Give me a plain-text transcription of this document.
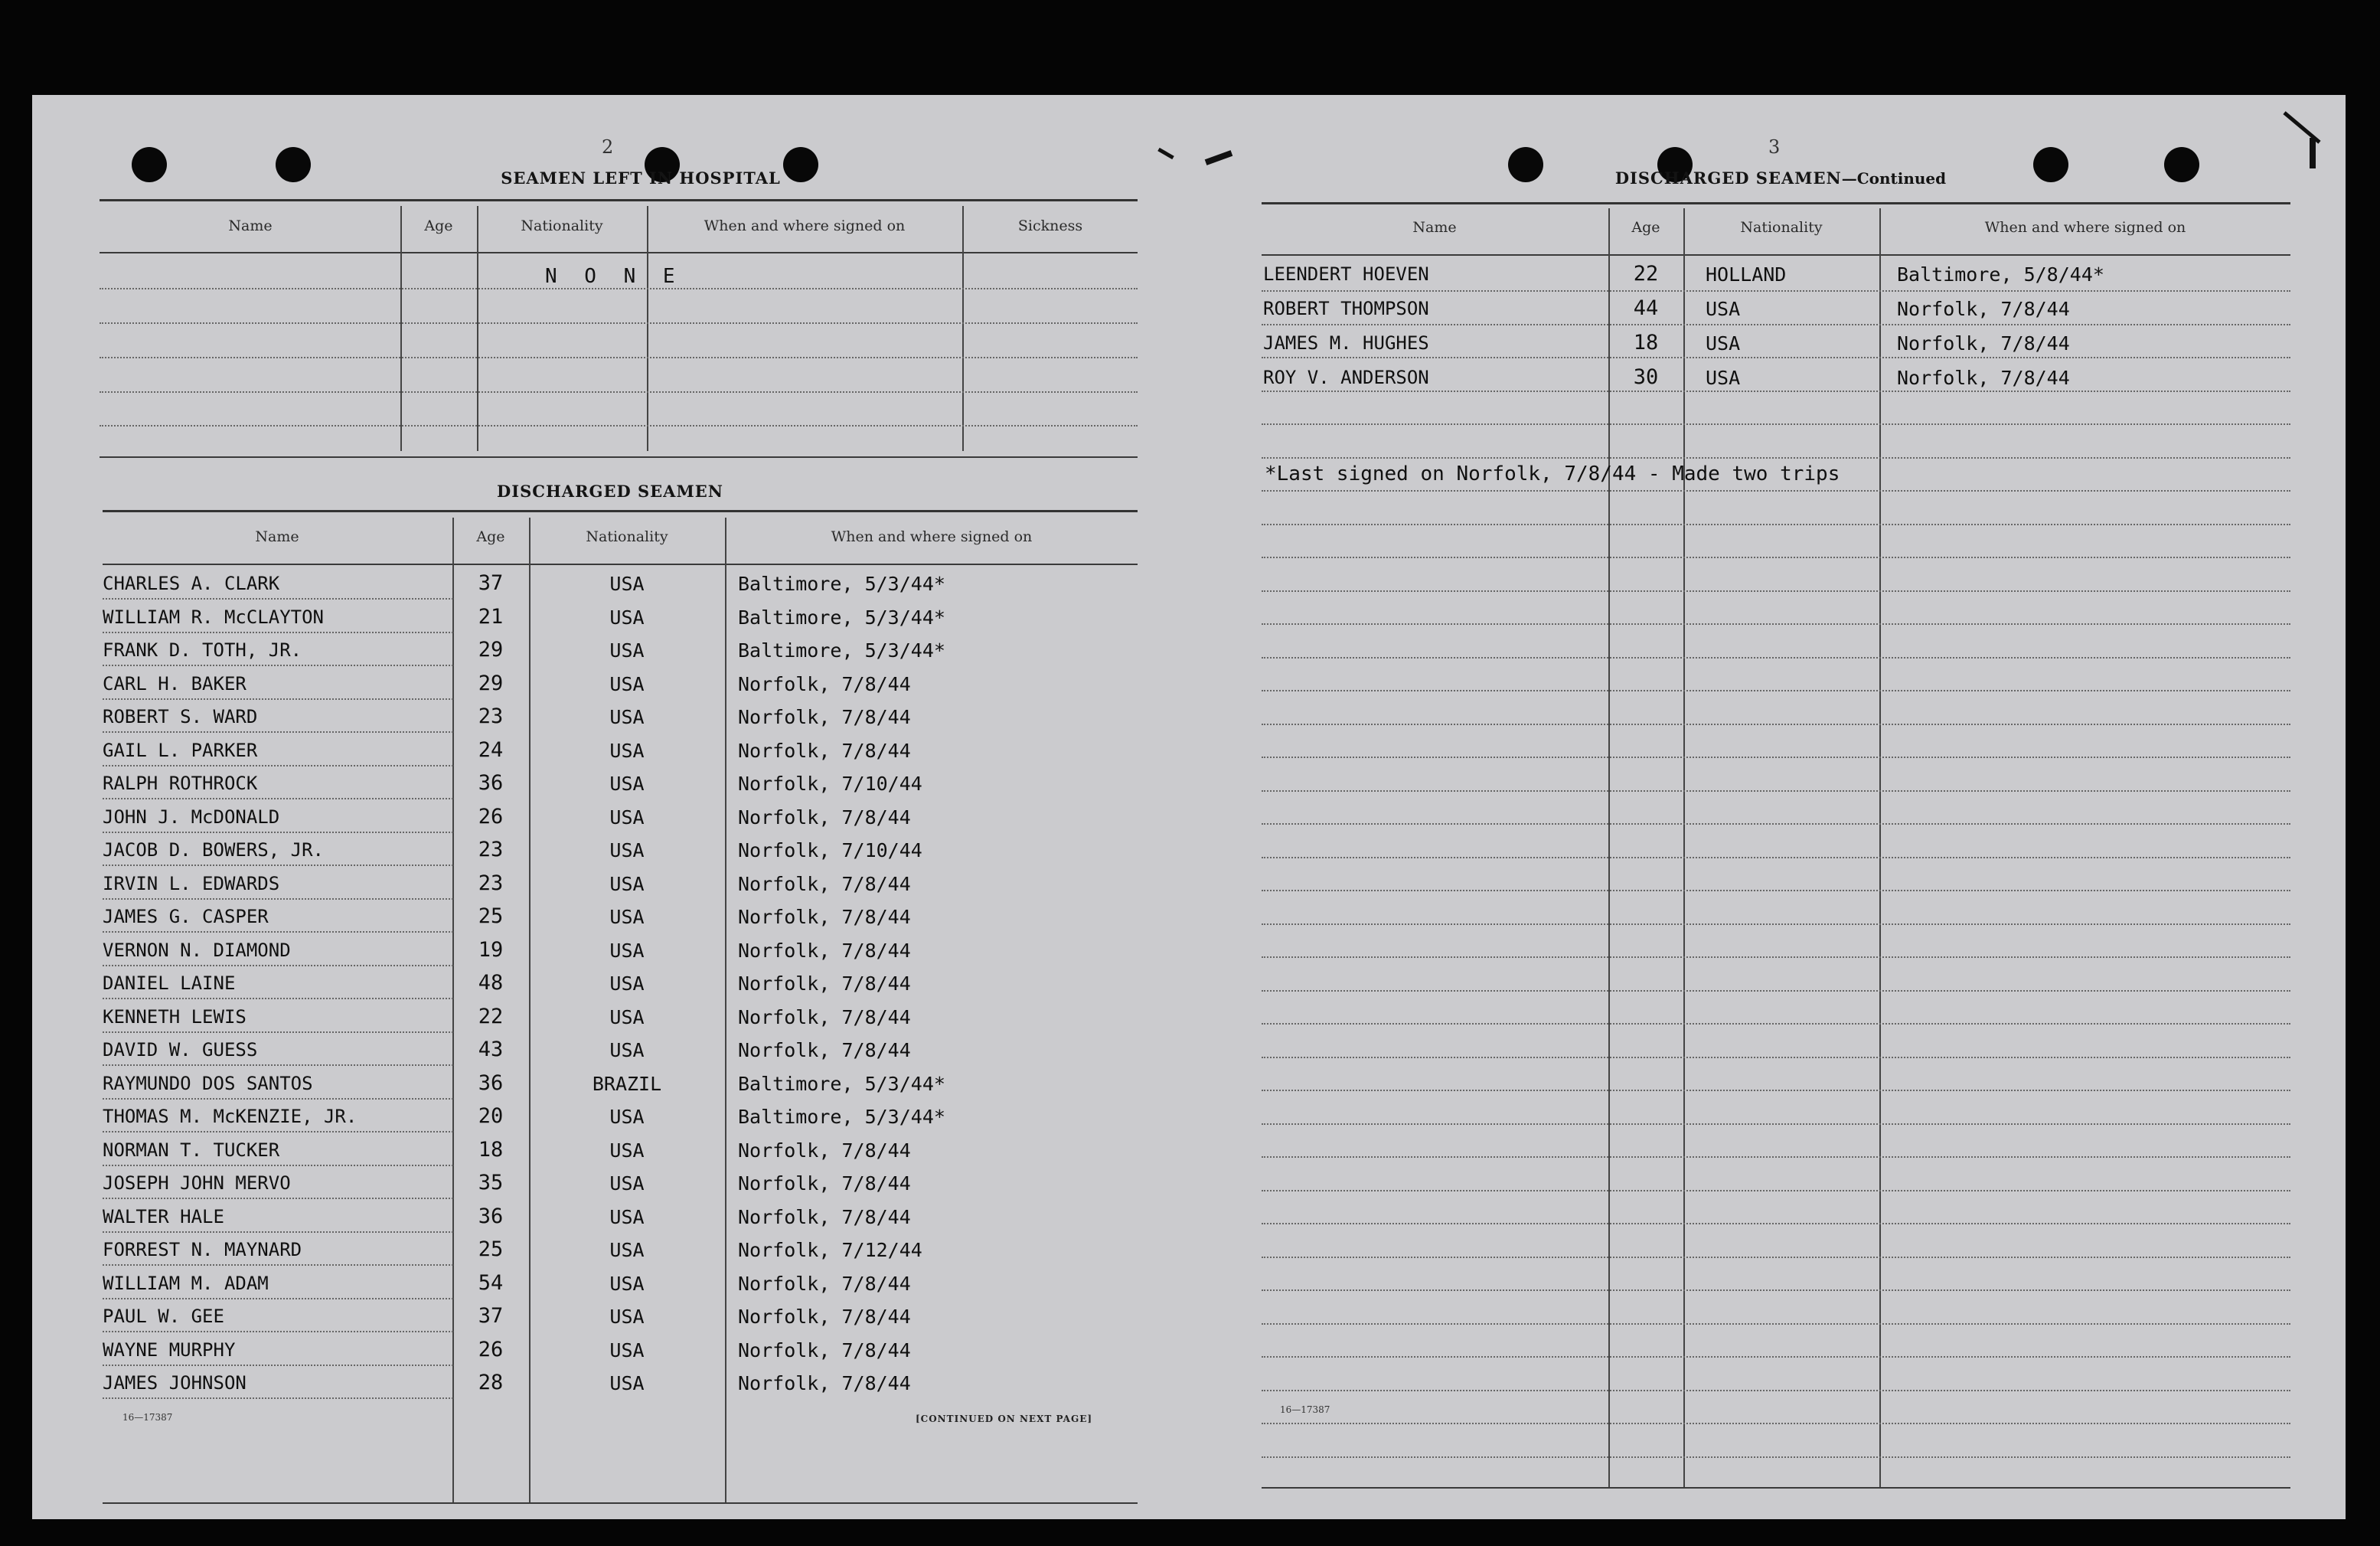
2
SEAMEN LEFT IN HOSPITAL
Name	Age	Nationality	When and where signed on	Sickness
N O N E
DISCHARGED SEAMEN
Name	Age	Nationality	When and where signed on
CHARLES A. CLARK	37	USA	Baltimore, 5/3/44*
WILLIAM R. McCLAYTON	21	USA	Baltimore, 5/3/44*
FRANK D. TOTH, JR.	29	USA	Baltimore, 5/3/44*
CARL H. BAKER	29	USA	Norfolk, 7/8/44
ROBERT S. WARD	23	USA	Norfolk, 7/8/44
GAIL L. PARKER	24	USA	Norfolk, 7/8/44
RALPH ROTHROCK	36	USA	Norfolk, 7/10/44
JOHN J. McDONALD	26	USA	Norfolk, 7/8/44
JACOB D. BOWERS, JR.	23	USA	Norfolk, 7/10/44
IRVIN L. EDWARDS	23	USA	Norfolk, 7/8/44
JAMES G. CASPER	25	USA	Norfolk, 7/8/44
VERNON N. DIAMOND	19	USA	Norfolk, 7/8/44
DANIEL LAINE	48	USA	Norfolk, 7/8/44
KENNETH LEWIS	22	USA	Norfolk, 7/8/44
DAVID W. GUESS	43	USA	Norfolk, 7/8/44
RAYMUNDO DOS SANTOS	36	BRAZIL	Baltimore, 5/3/44*
THOMAS M. McKENZIE, JR.	20	USA	Baltimore, 5/3/44*
NORMAN T. TUCKER	18	USA	Norfolk, 7/8/44
JOSEPH JOHN MERVO	35	USA	Norfolk, 7/8/44
WALTER HALE	36	USA	Norfolk, 7/8/44
FORREST N. MAYNARD	25	USA	Norfolk, 7/12/44
WILLIAM M. ADAM	54	USA	Norfolk, 7/8/44
PAUL W. GEE	37	USA	Norfolk, 7/8/44
WAYNE MURPHY	26	USA	Norfolk, 7/8/44
JAMES JOHNSON	28	USA	Norfolk, 7/8/44
16—17387	[CONTINUED ON NEXT PAGE]
3
DISCHARGED SEAMEN—Continued
Name	Age	Nationality	When and where signed on
LEENDERT HOEVEN	22	HOLLAND	Baltimore, 5/8/44*
ROBERT THOMPSON	44	USA	Norfolk, 7/8/44
JAMES M. HUGHES	18	USA	Norfolk, 7/8/44
ROY V. ANDERSON	30	USA	Norfolk, 7/8/44
*Last signed on Norfolk, 7/8/44 - Made two trips
16—17387
